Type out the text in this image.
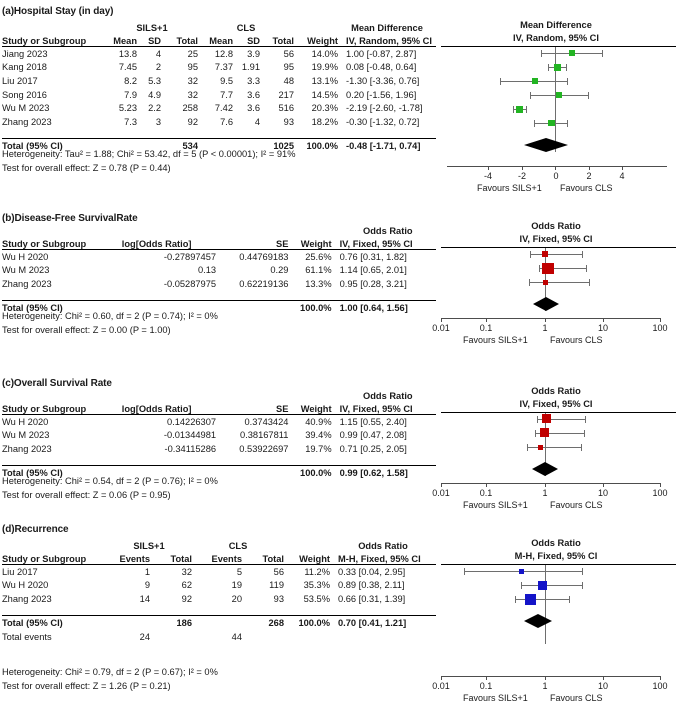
(a)Hospital Stay (in day)
	SILS+1			CLS				Mean Difference
Study or Subgroup	Mean	SD	Total	Mean	SD	Total	Weight	IV, Random, 95% CI
Jiang 2023	13.8	4	25	12.8	3.9	56	14.0%	1.00 [-0.87, 2.87]
Kang 2018	7.45	2	95	7.37	1.91	95	19.9%	0.08 [-0.48, 0.64]
Liu 2017	8.2	5.3	32	9.5	3.3	48	13.1%	-1.30 [-3.36, 0.76]
Song 2016	7.9	4.9	32	7.7	3.6	217	14.5%	0.20 [-1.56, 1.96]
Wu M 2023	5.23	2.2	258	7.42	3.6	516	20.3%	-2.19 [-2.60, -1.78]
Zhang 2023	7.3	3	92	7.6	4	93	18.2%	-0.30 [-1.32, 0.72]

Total (95% CI)			534			1025	100.0%	-0.48 [-1.71, 0.74]
Heterogeneity: Tau² = 1.88; Chi² = 53.42, df = 5 (P < 0.00001); I² = 91%
Test for overall effect: Z = 0.78 (P = 0.44)
Mean Difference
IV, Random, 95% CI
-4	-2	0	2	4
Favours SILS+1 Favours CLS
(b)Disease-Free SurvivalRate
				Odds Ratio
Study or Subgroup	log[Odds Ratio]	SE	Weight	IV, Fixed, 95% CI
Wu H 2020	-0.27897457	0.44769183	25.6%	0.76 [0.31, 1.82]
Wu M 2023	0.13	0.29	61.1%	1.14 [0.65, 2.01]
Zhang 2023	-0.05287975	0.62219136	13.3%	0.95 [0.28, 3.21]

Total (95% CI)			100.0%	1.00 [0.64, 1.56]
Heterogeneity: Chi² = 0.60, df = 2 (P = 0.74); I² = 0%
Test for overall effect: Z = 0.00 (P = 1.00)
Odds Ratio
IV, Fixed, 95% CI
0.01	0.1	1	10	100
Favours SILS+1 Favours CLS
(c)Overall Survival Rate
				Odds Ratio
Study or Subgroup	log[Odds Ratio]	SE	Weight	IV, Fixed, 95% CI
Wu H 2020	0.14226307	0.3743424	40.9%	1.15 [0.55, 2.40]
Wu M 2023	-0.01344981	0.38167811	39.4%	0.99 [0.47, 2.08]
Zhang 2023	-0.34115286	0.53922697	19.7%	0.71 [0.25, 2.05]

Total (95% CI)			100.0%	0.99 [0.62, 1.58]
Heterogeneity: Chi² = 0.54, df = 2 (P = 0.76); I² = 0%
Test for overall effect: Z = 0.06 (P = 0.95)
Odds Ratio
IV, Fixed, 95% CI
0.01	0.1	1	10	100
Favours SILS+1 Favours CLS
(d)Recurrence
	SILS+1		CLS			Odds Ratio
Study or Subgroup	Events	Total	Events	Total	Weight	M-H, Fixed, 95% CI
Liu 2017	1	32	5	56	11.2%	0.33 [0.04, 2.95]
Wu H 2020	9	62	19	119	35.3%	0.89 [0.38, 2.11]
Zhang 2023	14	92	20	93	53.5%	0.66 [0.31, 1.39]

Total (95% CI)		186		268	100.0%	0.70 [0.41, 1.21]
Total events	24		44			
Heterogeneity: Chi² = 0.79, df = 2 (P = 0.67); I² = 0%
Test for overall effect: Z = 1.26 (P = 0.21)
Odds Ratio
M-H, Fixed, 95% CI
0.01	0.1	1	10	100
Favours SILS+1 Favours CLS
